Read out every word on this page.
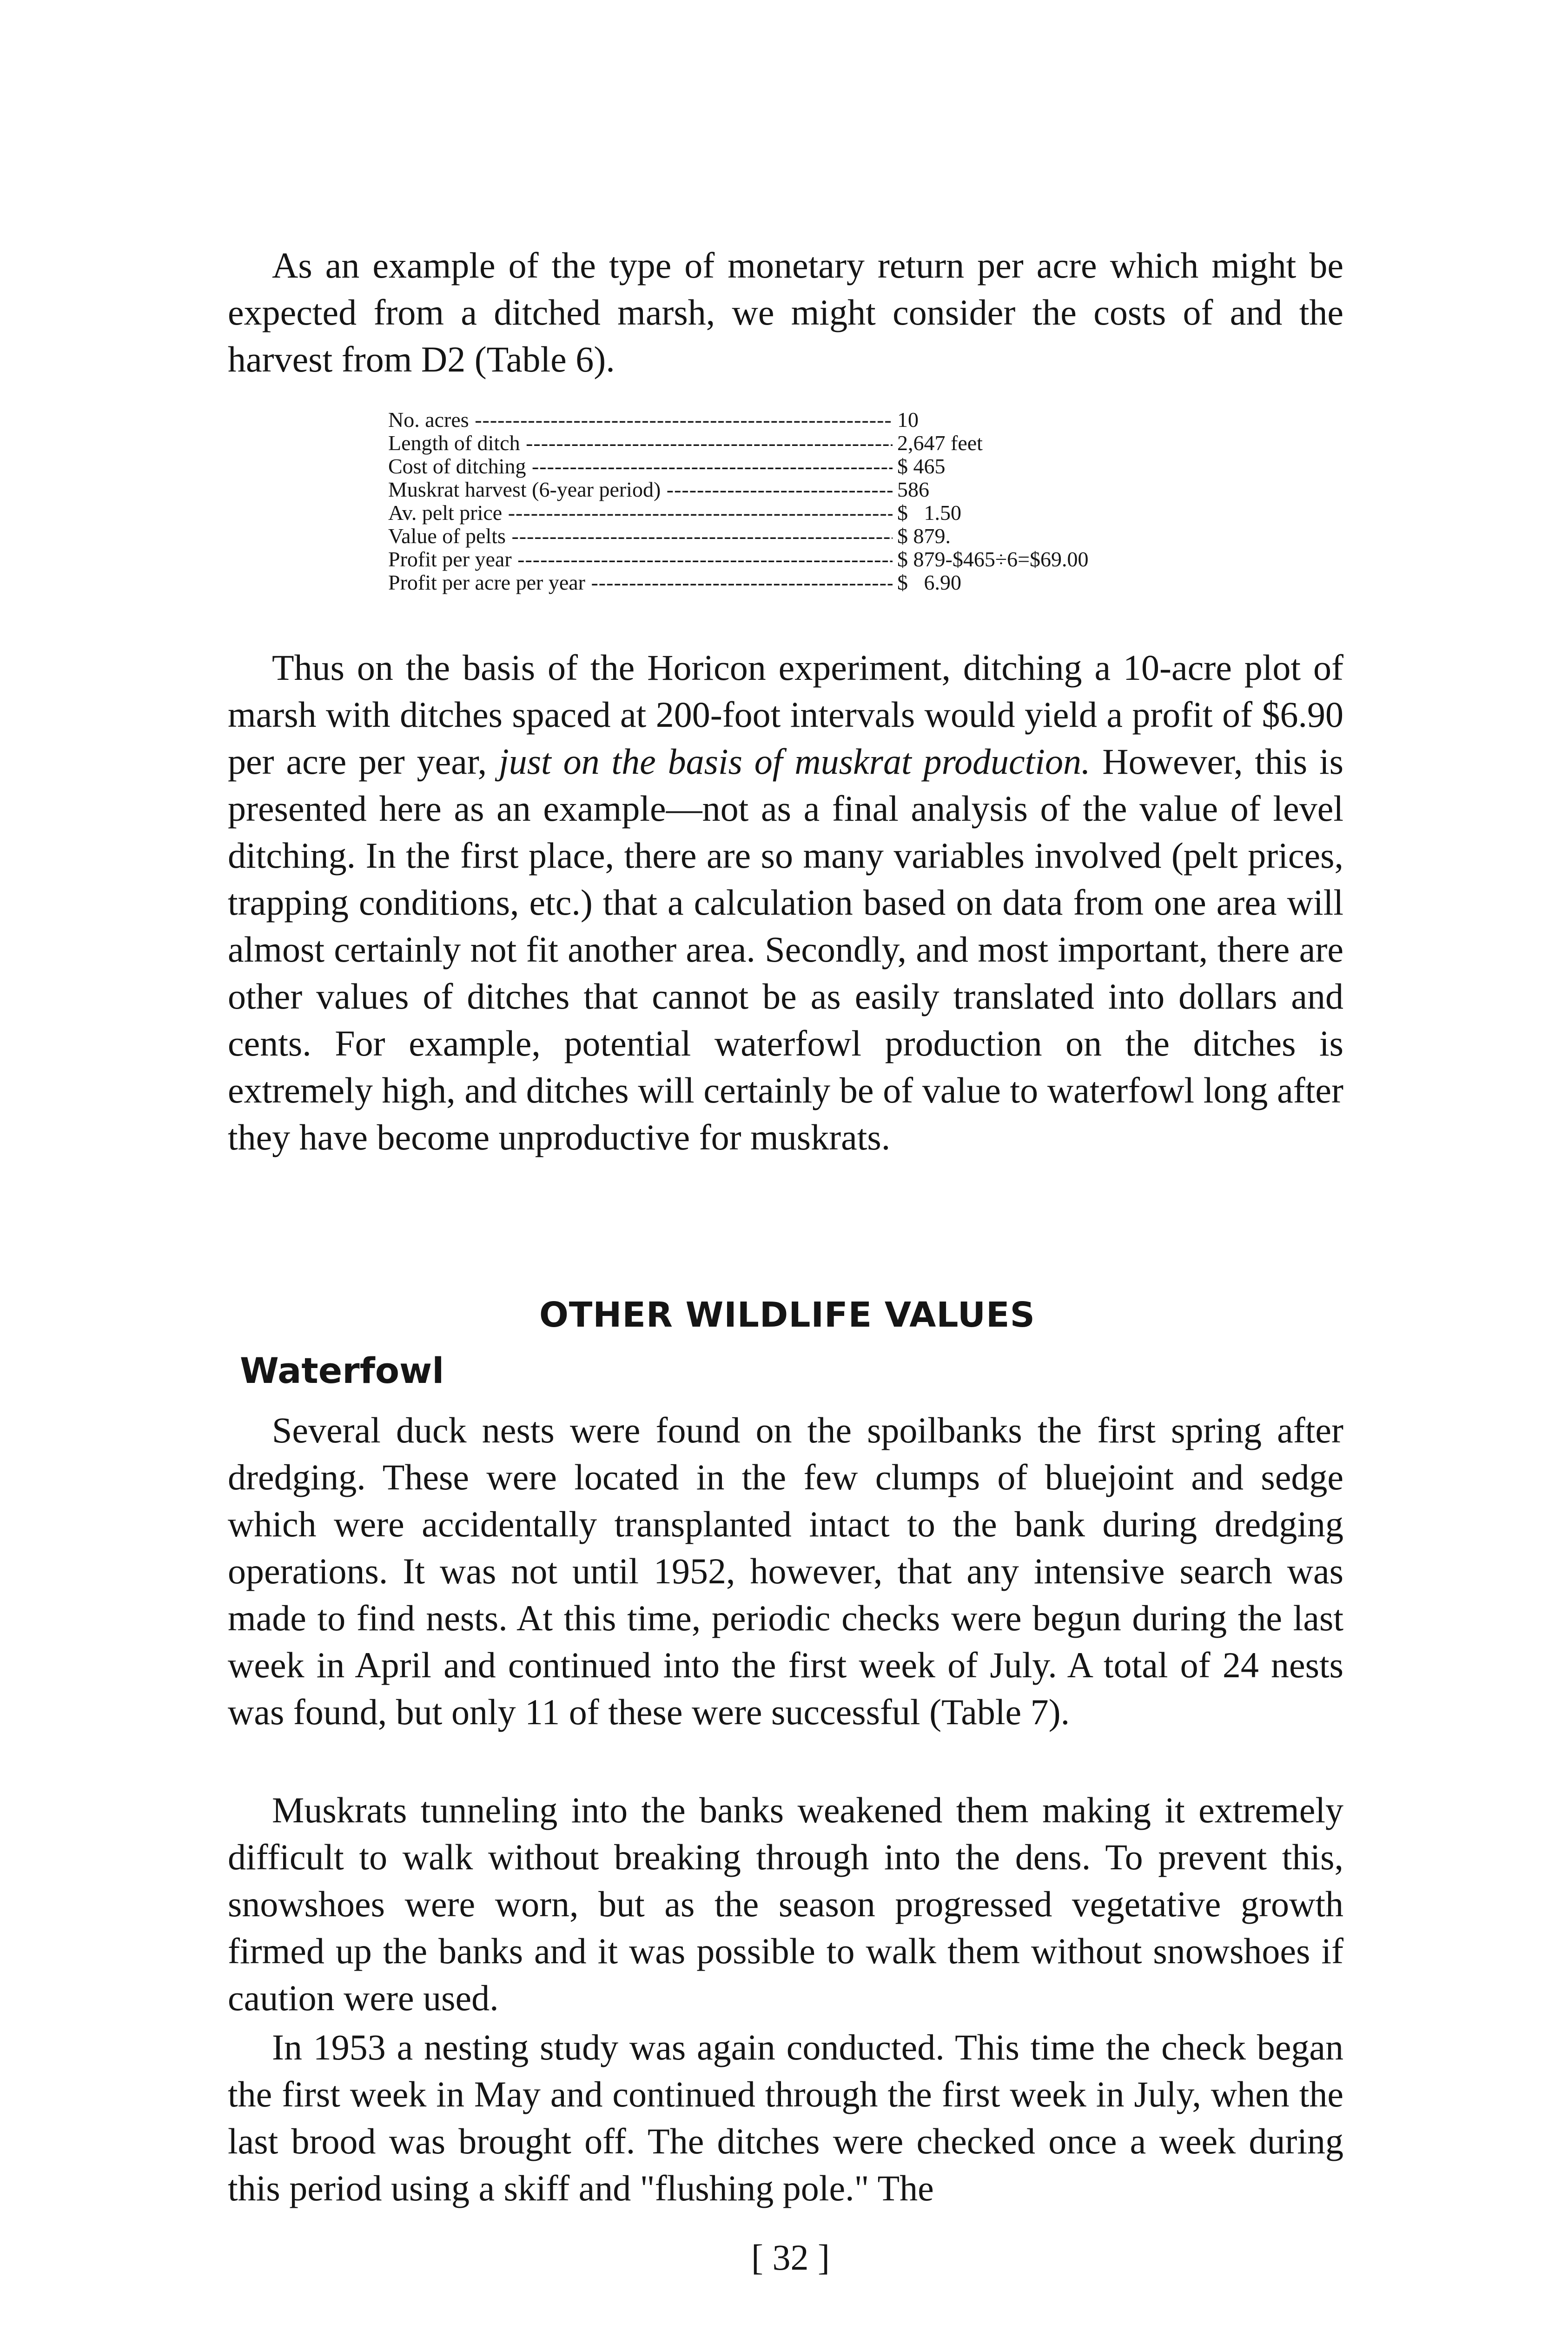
As an example of the type of monetary return per acre which might be expected from a ditched marsh, we might consider the costs of and the harvest from D2 (Table 6).

No. acres -----	10
Length of ditch -----	2,647 feet
Cost of ditching -----	$ 465
Muskrat harvest (6-year period) -----	586
Av. pelt price -----	$   1.50
Value of pelts -----	$ 879.
Profit per year -----	$ 879-$465÷6=$69.00
Profit per acre per year -----	$   6.90

Thus on the basis of the Horicon experiment, ditching a 10-acre plot of marsh with ditches spaced at 200-foot intervals would yield a profit of $6.90 per acre per year, just on the basis of muskrat production. However, this is presented here as an example—not as a final analysis of the value of level ditching. In the first place, there are so many variables involved (pelt prices, trapping conditions, etc.) that a calculation based on data from one area will almost certainly not fit another area. Secondly, and most important, there are other values of ditches that cannot be as easily translated into dollars and cents. For example, potential waterfowl production on the ditches is extremely high, and ditches will certainly be of value to waterfowl long after they have become unproductive for muskrats.

OTHER WILDLIFE VALUES
Waterfowl

Several duck nests were found on the spoilbanks the first spring after dredging. These were located in the few clumps of bluejoint and sedge which were accidentally transplanted intact to the bank during dredging operations. It was not until 1952, however, that any intensive search was made to find nests. At this time, periodic checks were begun during the last week in April and continued into the first week of July. A total of 24 nests was found, but only 11 of these were successful (Table 7).

Muskrats tunneling into the banks weakened them making it extremely difficult to walk without breaking through into the dens. To prevent this, snowshoes were worn, but as the season progressed vegetative growth firmed up the banks and it was possible to walk them without snowshoes if caution were used.

In 1953 a nesting study was again conducted. This time the check began the first week in May and continued through the first week in July, when the last brood was brought off. The ditches were checked once a week during this period using a skiff and "flushing pole." The

[ 32 ]
